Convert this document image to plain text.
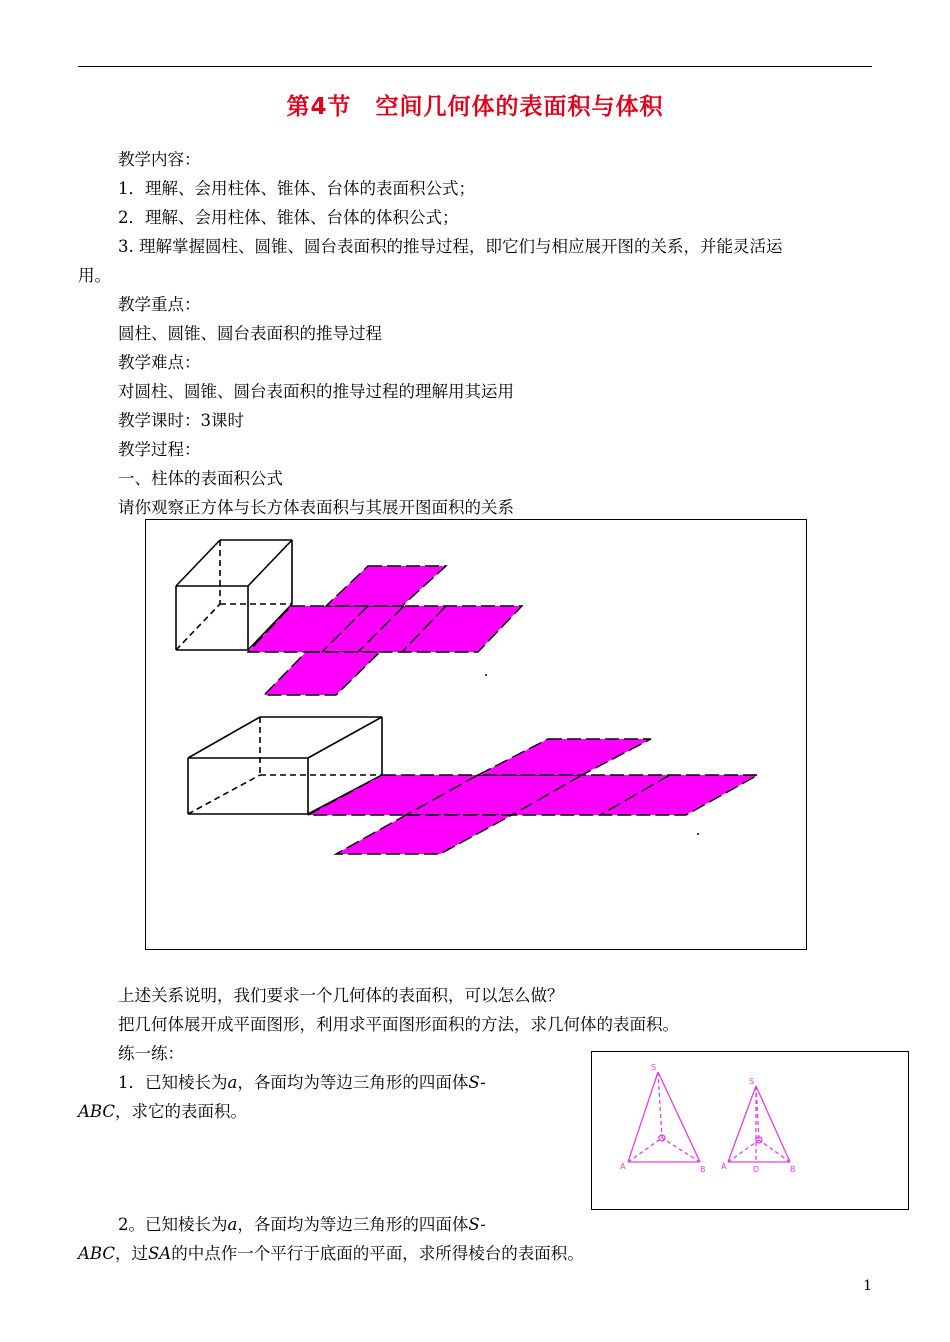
第4节　空间几何体的表面积与体积
教学内容：
1．理解、会用柱体、锥体、台体的表面积公式；
2．理解、会用柱体、锥体、台体的体积公式；
3. 理解掌握圆柱、圆锥、圆台表面积的推导过程，即它们与相应展开图的关系，并能灵活运
用。
教学重点：
圆柱、圆锥、圆台表面积的推导过程
教学难点：
对圆柱、圆锥、圆台表面积的推导过程的理解用其运用
教学课时：3课时
教学过程：
一、柱体的表面积公式
请你观察正方体与长方体表面积与其展开图面积的关系
上述关系说明，我们要求一个几何体的表面积，可以怎么做？
把几何体展开成平面图形，利用求平面图形面积的方法，求几何体的表面积。
练一练：
1．已知棱长为a，各面均为等边三角形的四面体S-
ABC，求它的表面积。
S
A	B
S
A	D	B
2。已知棱长为a，各面均为等边三角形的四面体S-
ABC，过SA的中点作一个平行于底面的平面，求所得棱台的表面积。
1
